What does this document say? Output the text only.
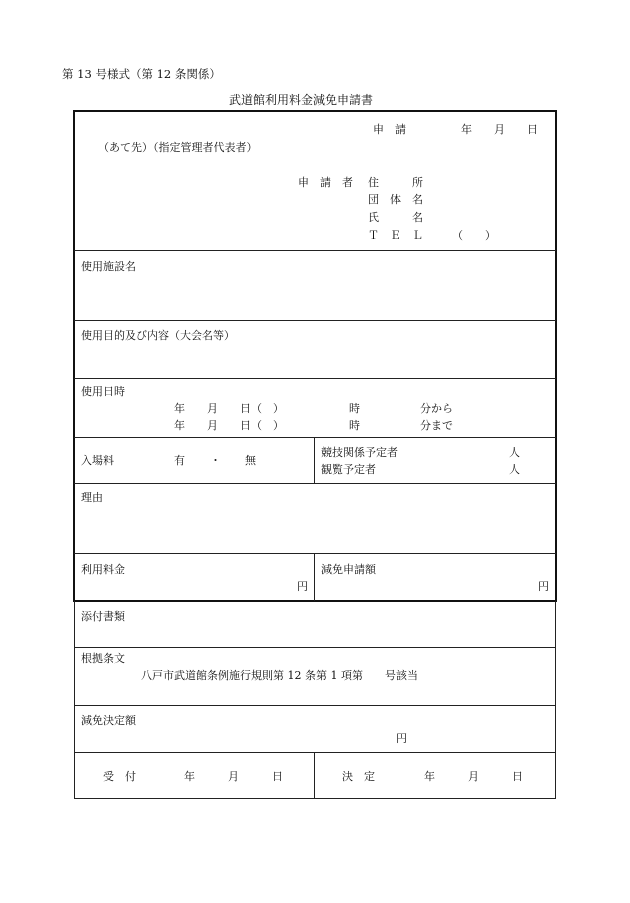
第 13 号様式（第 12 条関係）
武道館利用料金減免申請書
申　請　　　　　年　　月　　日
（あて先）（指定管理者代表者）
申　請　者 住　　　所
団　体　名
氏　　　名
Ｔ　Ｅ　Ｌ	（　　）
使用施設名
使用目的及び内容（大会名等）
使用日時
年　　月　　日（　）	時	分から
年　　月　　日（　）	時	分まで
入場料	有 ・ 無
競技関係予定者	人
観覧予定者	人
理由
利用料金
円
減免申請額
円
添付書類
根拠条文
八戸市武道館条例施行規則第 12 条第 1 項第　　号該当
減免決定額
円
受　付	年　　　月　　　日	決　定	年　　　月　　　日
